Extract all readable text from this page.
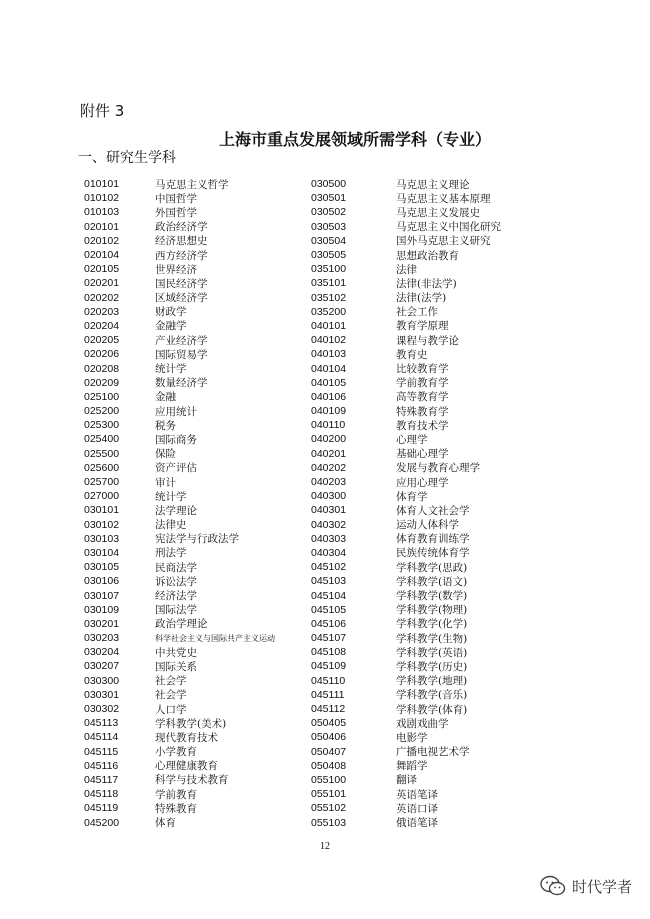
附件 3
上海市重点发展领域所需学科（专业）
一、研究生学科
010101	马克思主义哲学
010102	中国哲学
010103	外国哲学
020101	政治经济学
020102	经济思想史
020104	西方经济学
020105	世界经济
020201	国民经济学
020202	区域经济学
020203	财政学
020204	金融学
020205	产业经济学
020206	国际贸易学
020208	统计学
020209	数量经济学
025100	金融
025200	应用统计
025300	税务
025400	国际商务
025500	保险
025600	资产评估
025700	审计
027000	统计学
030101	法学理论
030102	法律史
030103	宪法学与行政法学
030104	刑法学
030105	民商法学
030106	诉讼法学
030107	经济法学
030109	国际法学
030201	政治学理论
030203	科学社会主义与国际共产主义运动
030204	中共党史
030207	国际关系
030300	社会学
030301	社会学
030302	人口学
045113	学科教学(美术)
045114	现代教育技术
045115	小学教育
045116	心理健康教育
045117	科学与技术教育
045118	学前教育
045119	特殊教育
045200	体育
030500	马克思主义理论
030501	马克思主义基本原理
030502	马克思主义发展史
030503	马克思主义中国化研究
030504	国外马克思主义研究
030505	思想政治教育
035100	法律
035101	法律(非法学)
035102	法律(法学)
035200	社会工作
040101	教育学原理
040102	课程与教学论
040103	教育史
040104	比较教育学
040105	学前教育学
040106	高等教育学
040109	特殊教育学
040110	教育技术学
040200	心理学
040201	基础心理学
040202	发展与教育心理学
040203	应用心理学
040300	体育学
040301	体育人文社会学
040302	运动人体科学
040303	体育教育训练学
040304	民族传统体育学
045102	学科教学(思政)
045103	学科教学(语文)
045104	学科教学(数学)
045105	学科教学(物理)
045106	学科教学(化学)
045107	学科教学(生物)
045108	学科教学(英语)
045109	学科教学(历史)
045110	学科教学(地理)
045111	学科教学(音乐)
045112	学科教学(体育)
050405	戏剧戏曲学
050406	电影学
050407	广播电视艺术学
050408	舞蹈学
055100	翻译
055101	英语笔译
055102	英语口译
055103	俄语笔译
12
时代学者
